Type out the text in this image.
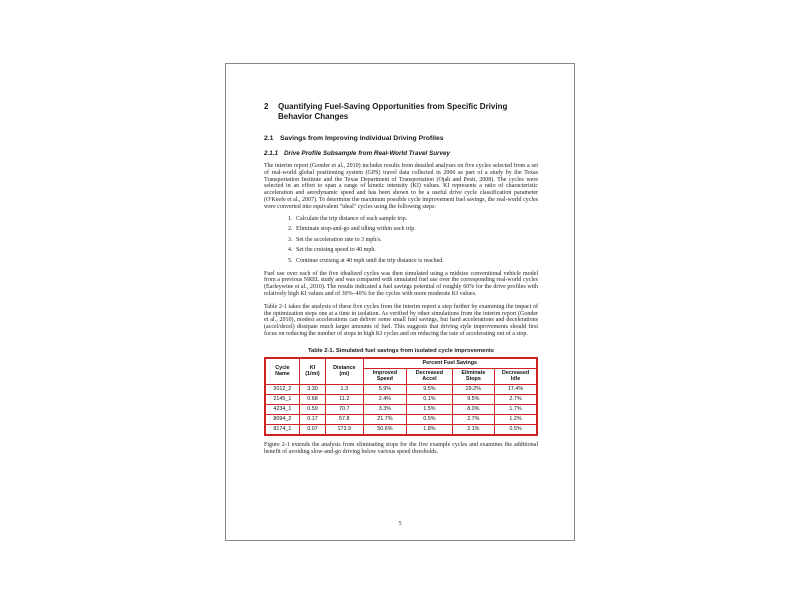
2	Quantifying Fuel-Saving Opportunities from Specific Driving Behavior Changes
2.1 Savings from Improving Individual Driving Profiles
2.1.1 Drive Profile Subsample from Real-World Travel Survey

The interim report (Gonder et al., 2010) includes results from detailed analyses on five cycles selected from a set of real-world global positioning system (GPS) travel data collected in 2006 as part of a study by the Texas Transportation Institute and the Texas Department of Transportation (Ojah and Pesti, 2008). The cycles were selected in an effort to span a range of kinetic intensity (KI) values. KI represents a ratio of characteristic acceleration and aerodynamic speed and has been shown to be a useful drive cycle classification parameter (O'Keefe et al., 2007). To determine the maximum possible cycle improvement fuel savings, the real-world cycles were converted into equivalent "ideal" cycles using the following steps:

1. Calculate the trip distance of each sample trip.
2. Eliminate stop-and-go and idling within each trip.
3. Set the acceleration rate to 3 mph/s.
4. Set the cruising speed to 40 mph.
5. Continue cruising at 40 mph until the trip distance is reached.

Fuel use over each of the five idealized cycles was then simulated using a midsize conventional vehicle model from a previous NREL study and was compared with simulated fuel use over the corresponding real-world cycles (Earleywine et al., 2010). The results indicated a fuel savings potential of roughly 60% for the drive profiles with relatively high KI values and of 30%–40% for the cycles with more moderate KI values.

Table 2-1 takes the analysis of these five cycles from the interim report a step further by examining the impact of the optimization steps one at a time in isolation. As verified by other simulations from the interim report (Gonder et al., 2010), modest accelerations can deliver some small fuel savings, but hard accelerations and decelerations (accel/decel) dissipate much larger amounts of fuel. This suggests that driving style improvements should first focus on reducing the number of stops in high KI cycles and on reducing the rate of accelerating out of a stop.

Table 2-1. Simulated fuel savings from isolated cycle improvements
Cycle Name	KI (1/mi)	Distance (mi)	Percent Fuel Savings			
			Improved Speed	Decreased Accel	Eliminate Stops	Decreased Idle
2012_2	3.30	1.3	5.9%	9.5%	29.2%	17.4%
2145_1	0.68	11.2	2.4%	0.1%	9.5%	2.7%
4234_1	0.59	70.7	3.3%	1.5%	8.0%	1.7%
8094_2	0.17	57.8	21.7%	0.5%	2.7%	1.2%
8174_1	0.07	173.9	50.6%	1.8%	2.1%	0.5%

Figure 2-1 extends the analysis from eliminating stops for the five example cycles and examines the additional benefit of avoiding slow-and-go driving below various speed thresholds.

5
